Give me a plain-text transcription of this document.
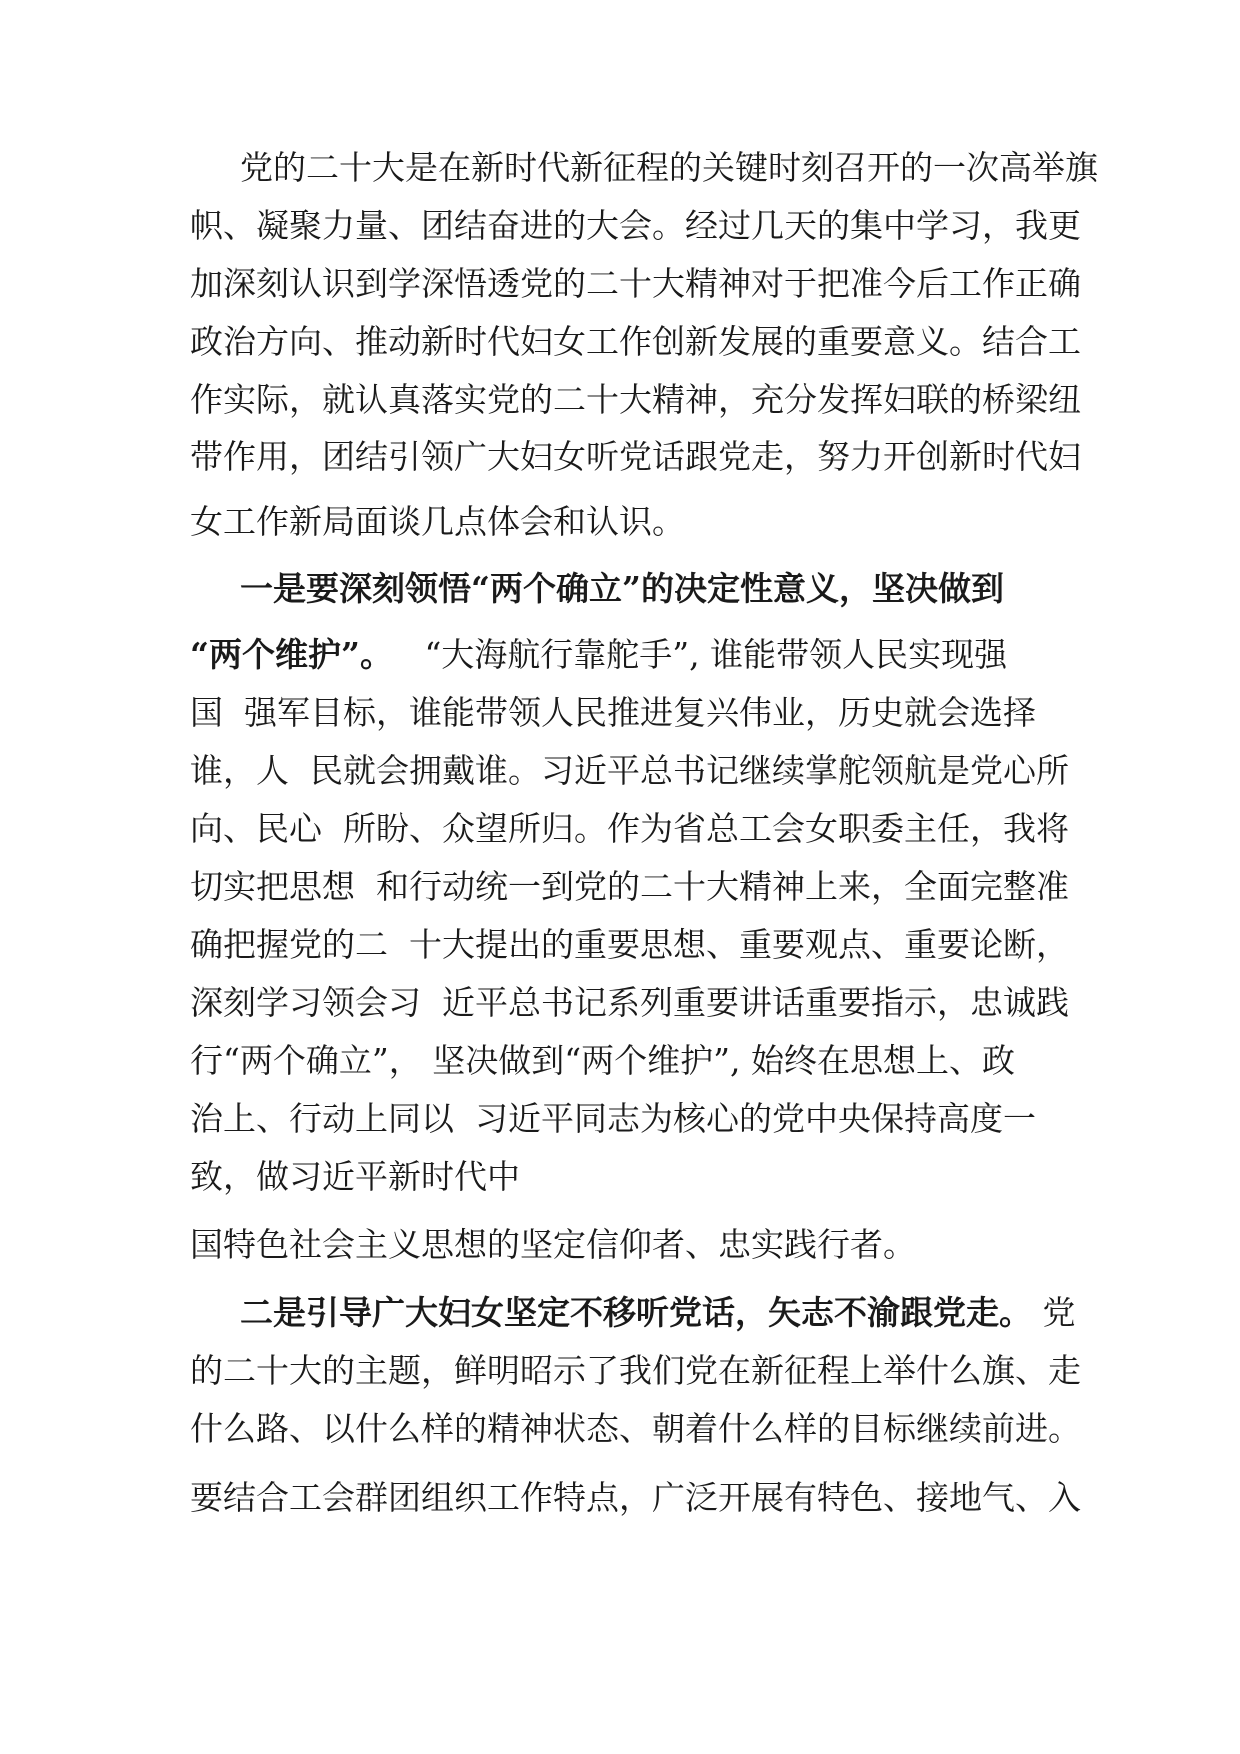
党的二十大是在新时代新征程的关键时刻召开的一次高举旗

帜、凝聚力量、团结奋进的大会。经过几天的集中学习，我更

加深刻认识到学深悟透党的二十大精神对于把准今后工作正确

政治方向、推动新时代妇女工作创新发展的重要意义。结合工

作实际，就认真落实党的二十大精神，充分发挥妇联的桥梁纽

带作用，团结引领广大妇女听党话跟党走，努力开创新时代妇

女工作新局面谈几点体会和认识。

一是要深刻领悟“两个确立”的决定性意义，坚决做到

“两个维护”。   “大海航行靠舵手”, 谁能带领人民实现强

国  强军目标，谁能带领人民推进复兴伟业，历史就会选择

谁，人  民就会拥戴谁。习近平总书记继续掌舵领航是党心所

向、民心  所盼、众望所归。作为省总工会女职委主任，我将

切实把思想  和行动统一到党的二十大精神上来，全面完整准

确把握党的二  十大提出的重要思想、重要观点、重要论断，

深刻学习领会习  近平总书记系列重要讲话重要指示，忠诚践

行“两个确立”， 坚决做到“两个维护”, 始终在思想上、政

治上、行动上同以  习近平同志为核心的党中央保持高度一

致，做习近平新时代中

国特色社会主义思想的坚定信仰者、忠实践行者。

二是引导广大妇女坚定不移听党话，矢志不渝跟党走。 党

的二十大的主题，鲜明昭示了我们党在新征程上举什么旗、走

什么路、以什么样的精神状态、朝着什么样的目标继续前进。

要结合工会群团组织工作特点，广泛开展有特色、接地气、入
